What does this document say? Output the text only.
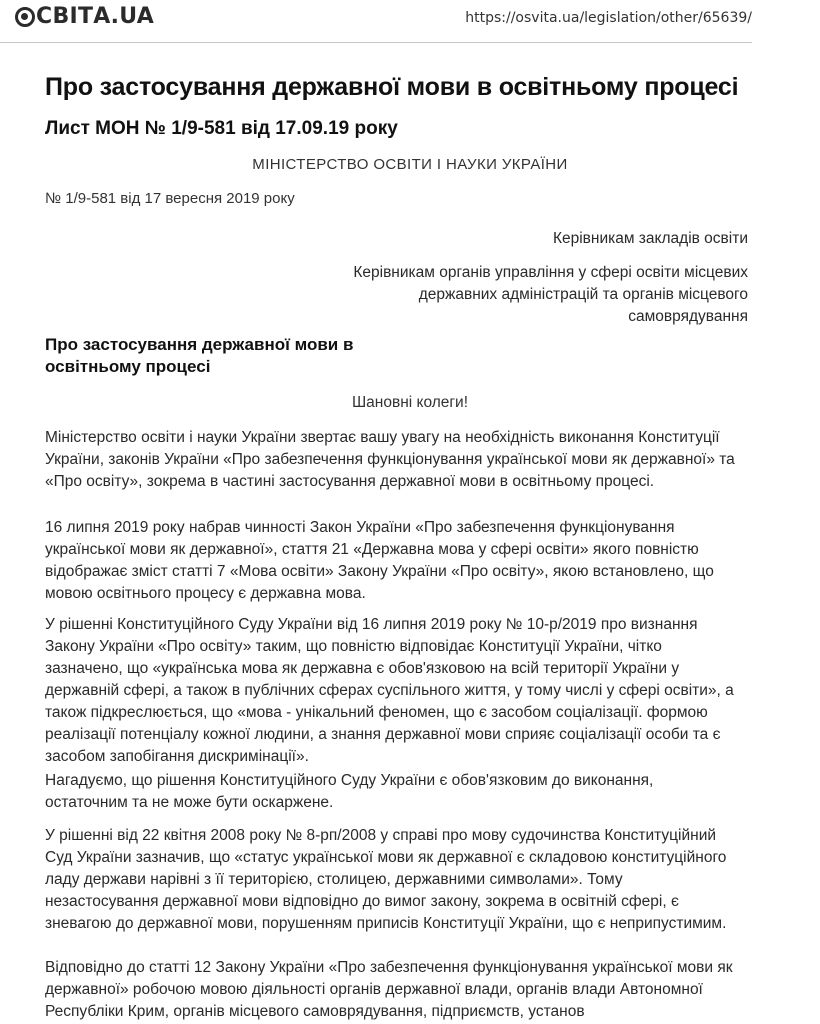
СВІТА.UA	https://osvita.ua/legislation/other/65639/
Про застосування державної мови в освітньому процесі
Лист МОН № 1/9-581 від 17.09.19 року
МІНІСТЕРСТВО ОСВІТИ І НАУКИ УКРАЇНИ
№ 1/9-581 від 17 вересня 2019 року
Керівникам закладів освіти
Керівникам органів управління у сфері освіти місцевих державних адміністрацій та органів місцевого самоврядування
Про застосування державної мови в освітньому процесі
Шановні колеги!

Міністерство освіти і науки України звертає вашу увагу на необхідність виконання Конституції України, законів України «Про забезпечення функціонування української мови як державної» та «Про освіту», зокрема в частині застосування державної мови в освітньому процесі.

16 липня 2019 року набрав чинності Закон України «Про забезпечення функціонування української мови як державної», стаття 21 «Державна мова у сфері освіти» якого повністю відображає зміст статті 7 «Мова освіти» Закону України «Про освіту», якою встановлено, що мовою освітнього процесу є державна мова.

У рішенні Конституційного Суду України від 16 липня 2019 року № 10-р/2019 про визнання Закону України «Про освіту» таким, що повністю відповідає Конституції України, чітко зазначено, що «українська мова як державна є обов'язковою на всій території України у державній сфері, а також в публічних сферах суспільного життя, у тому числі у сфері освіти», а також підкреслюється, що «мова - унікальний феномен, що є засобом соціалізації. формою реалізації потенціалу кожної людини, а знання державної мови сприяє соціалізації особи та є засобом запобігання дискримінації».

Нагадуємо, що рішення Конституційного Суду України є обов'язковим до виконання, остаточним та не може бути оскаржене.

У рішенні від 22 квітня 2008 року № 8-рп/2008 у справі про мову судочинства Конституційний Суд України зазначив, що «статус української мови як державної є складовою конституційного ладу держави нарівні з її територією, столицею, державними символами». Тому незастосування державної мови відповідно до вимог закону, зокрема в освітній сфері, є зневагою до державної мови, порушенням приписів Конституції України, що є неприпустимим.

Відповідно до статті 12 Закону України «Про забезпечення функціонування української мови як державної» робочою мовою діяльності органів державної влади, органів влади Автономної Республіки Крим, органів місцевого самоврядування, підприємств, установ
